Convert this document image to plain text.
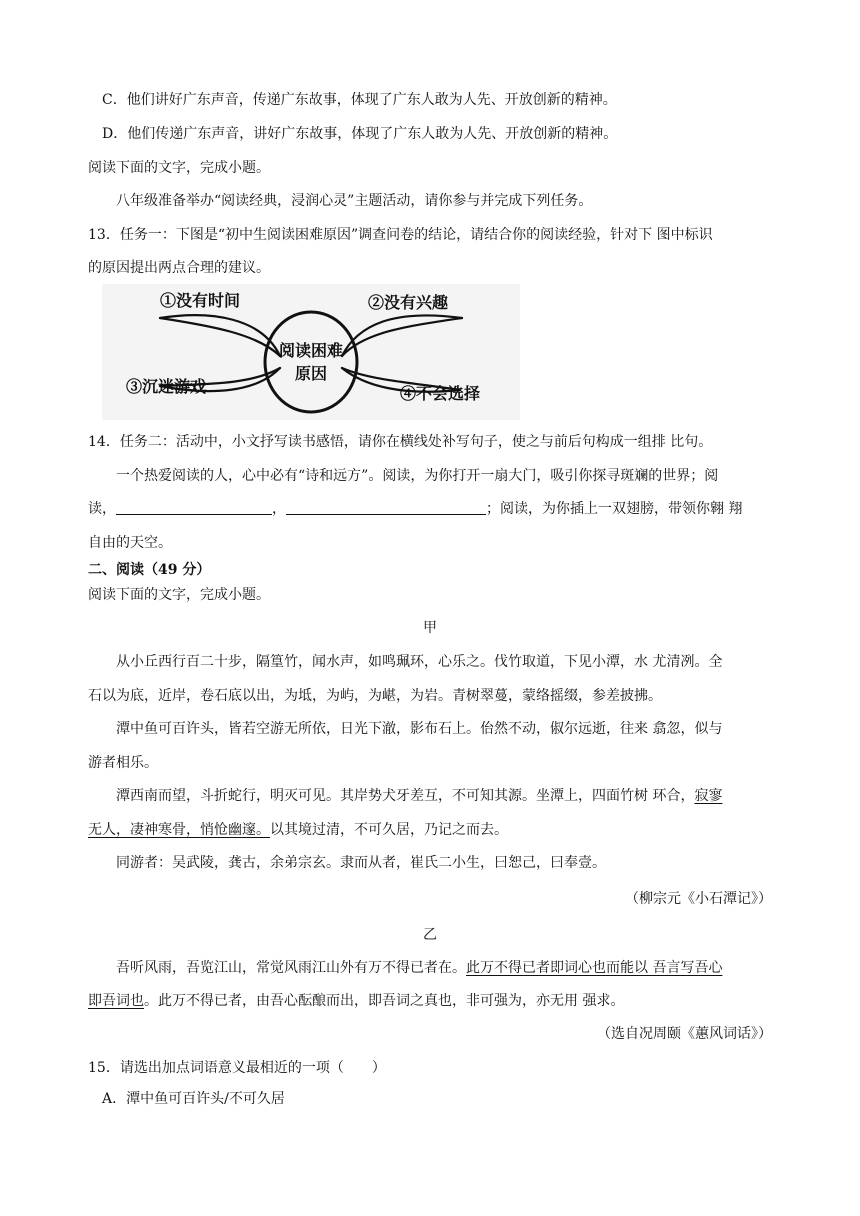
C．他们讲好广东声音，传递广东故事，体现了广东人敢为人先、开放创新的精神。
D．他们传递广东声音，讲好广东故事，体现了广东人敢为人先、开放创新的精神。
阅读下面的文字，完成小题。
八年级准备举办“阅读经典，浸润心灵”主题活动，请你参与并完成下列任务。
13．任务一：下图是“初中生阅读困难原因”调查问卷的结论，请结合你的阅读经验，针对下 图中标识
的原因提出两点合理的建议。
阅读困难
原因
①没有时间	②没有兴趣
③沉迷游戏	④不会选择
14．任务二：活动中，小文抒写读书感悟，请你在横线处补写句子，使之与前后句构成一组排 比句。
一个热爱阅读的人，心中必有“诗和远方”。阅读，为你打开一扇大门，吸引你探寻斑斓的世界；阅
读，	，	；阅读，为你插上一双翅膀，带领你翱 翔
自由的天空。
二、阅读（49 分）
阅读下面的文字，完成小题。
甲
从小丘西行百二十步，隔篁竹，闻水声，如鸣珮环，心乐之。伐竹取道，下见小潭，水 尤清冽。全
石以为底，近岸，卷石底以出，为坻，为屿，为嵁，为岩。青树翠蔓，蒙络摇缀，参差披拂。
潭中鱼可百许头，皆若空游无所依，日光下澈，影布石上。佁然不动，俶尔远逝，往来 翕忽，似与
游者相乐。
潭西南而望，斗折蛇行，明灭可见。其岸势犬牙差互，不可知其源。坐潭上，四面竹树 环合，寂寥
无人，凄神寒骨，悄怆幽邃。以其境过清，不可久居，乃记之而去。
同游者：吴武陵，龚古，余弟宗玄。隶而从者，崔氏二小生，曰恕己，曰奉壹。
（柳宗元《小石潭记》）
乙
吾听风雨，吾览江山，常觉风雨江山外有万不得已者在。此万不得已者即词心也而能以 吾言写吾心
即吾词也。此万不得已者，由吾心酝酿而出，即吾词之真也，非可强为，亦无用 强求。
（选自况周颐《蕙风词话》）
15．请选出加点词语意义最相近的一项（　　）
A．潭中鱼可百许头/不可久居
